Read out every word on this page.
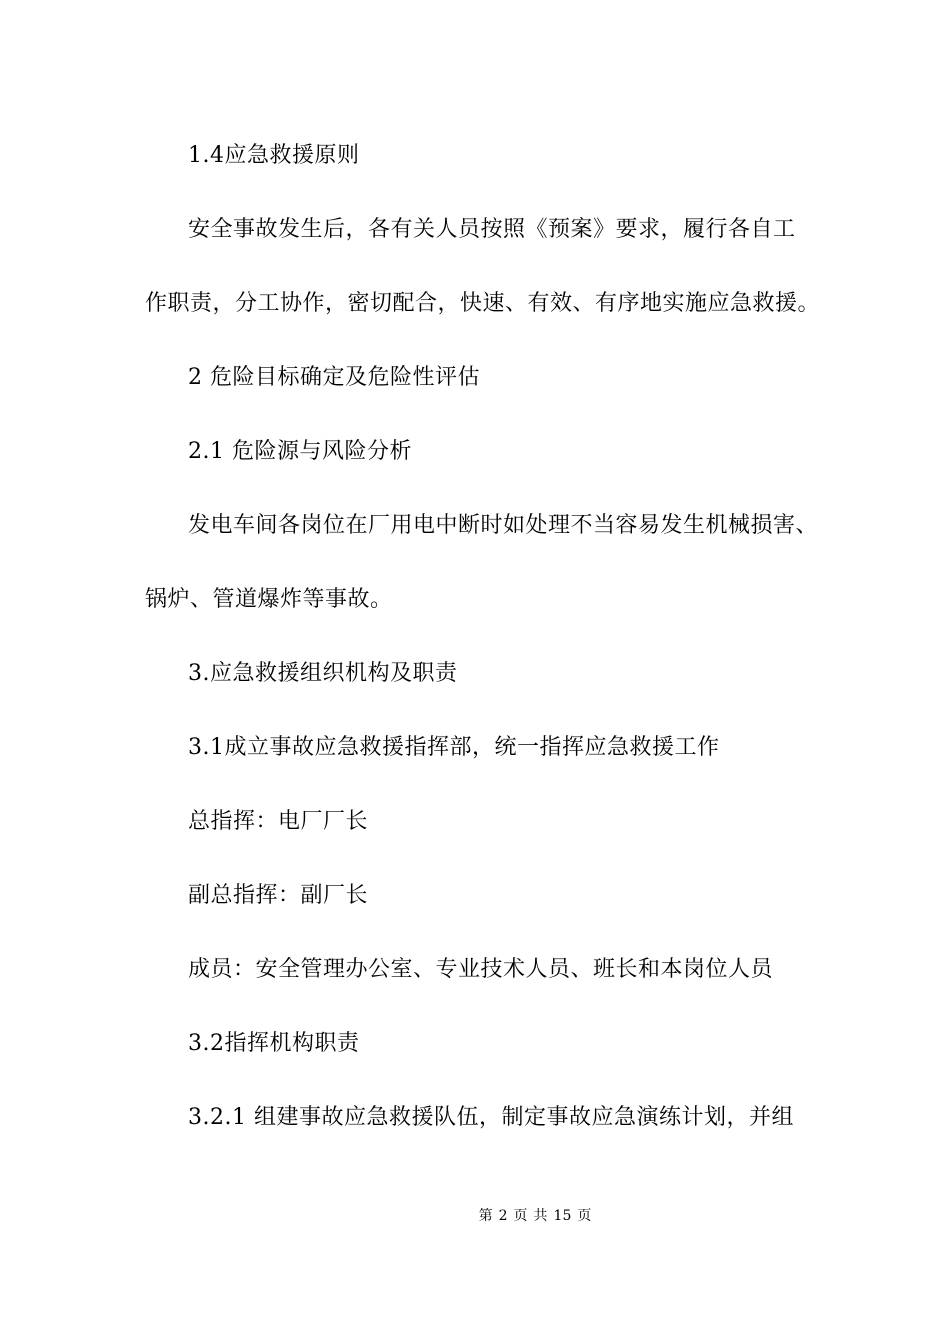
1.4应急救援原则
安全事故发生后，各有关人员按照《预案》要求，履行各自工
作职责，分工协作，密切配合，快速、有效、有序地实施应急救援。
2 危险目标确定及危险性评估
2.1 危险源与风险分析
发电车间各岗位在厂用电中断时如处理不当容易发生机械损害、
锅炉、管道爆炸等事故。
3.应急救援组织机构及职责
3.1成立事故应急救援指挥部，统一指挥应急救援工作
总指挥：电厂厂长
副总指挥：副厂长
成员：安全管理办公室、专业技术人员、班长和本岗位人员
3.2指挥机构职责
3.2.1 组建事故应急救援队伍，制定事故应急演练计划，并组
第 2 页 共 15 页
